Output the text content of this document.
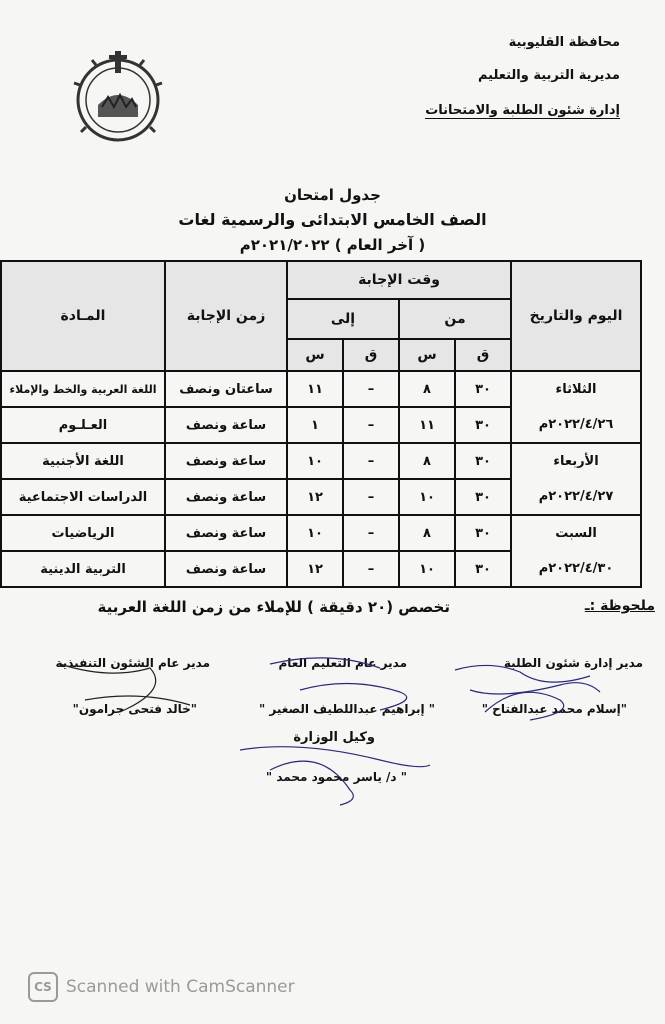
محافظة القليوبية
مديرية التربية والتعليم
إدارة شئون الطلبة والامتحانات
جدول امتحان
الصف الخامس الابتدائى والرسمية لغات
( آخر العام ) ٢٠٢١/٢٠٢٢م
اليوم والتاريخ	وقت الإجابة				زمن الإجابة	المـادة
	من		إلى			
	ق	س	ق	س		

الثلاثاء
٢٠٢٢/٤/٢٦م	٣٠	٨	–	١١	ساعتان ونصف	اللغة العربية والخط والإملاء
	٣٠	١١	–	١	ساعة ونصف	العـلـوم

الأربعاء
٢٠٢٢/٤/٢٧م	٣٠	٨	–	١٠	ساعة ونصف	اللغة الأجنبية
	٣٠	١٠	–	١٢	ساعة ونصف	الدراسات الاجتماعية

السبت
٢٠٢٢/٤/٣٠م	٣٠	٨	–	١٠	ساعة ونصف	الرياضيات
	٣٠	١٠	–	١٢	ساعة ونصف	التربية الدينية
ملحوظة :ـ
تخصص (٢٠ دقيقة ) للإملاء من زمن اللغة العربية
مدير إدارة شئون الطلبة
"إسلام محمد عبدالفتاح "
مدير عام التعليم العام
" إبراهيم عبداللطيف الصغير "
مدير عام الشئون التنفيذية
"خالد فتحى جرامون"
وكيل الوزارة
" د/ ياسر محمود محمد "
CS Scanned with CamScanner
